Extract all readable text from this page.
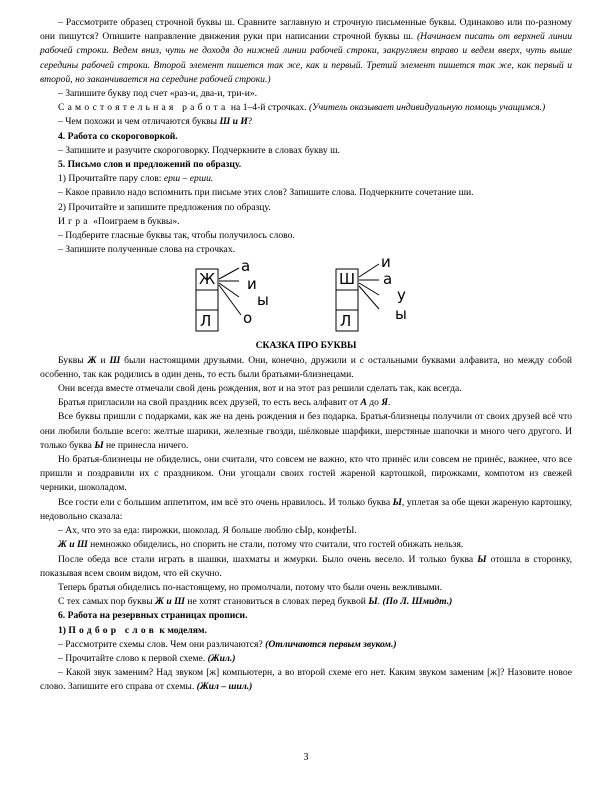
– Рассмотрите образец строчной буквы ш. Сравните заглавную и строчную письменные буквы. Одинаково или по-разному они пишутся? Опишите направление движения руки при написании строчной буквы ш. (Начинаем писать от верхней линии рабочей строки. Ведем вниз, чуть не доходя до нижней линии рабочей строки, закругляем вправо и ведем вверх, чуть выше середины рабочей строки. Второй элемент пишется так же, как и первый. Третий элемент пишется так же, как первый и второй, но заканчивается на середине рабочей строки.)

– Запишите букву под счет «раз-и, два-и, три-и».

Самостоятельная работа на 1–4-й строчках. (Учитель оказывает индивидуальную помощь учащимся.)

– Чем похожи и чем отличаются буквы Ш и И?

4. Работа со скороговоркой.

– Запишите и разучите скороговорку. Подчеркните в словах букву ш.

5. Письмо слов и предложений по образцу.

1) Прочитайте пару слов: ерш – ерши.

– Какое правило надо вспомнить при письме этих слов? Запишите слова. Подчеркните сочетание ши.

2) Прочитайте и запишите предложения по образцу.

Игра «Поиграем в буквы».

– Подберите гласные буквы так, чтобы получилось слово.

– Запишите полученные слова на строчках.

Ж
Л
а
и
ы
о
Ш
Л
и
а
у
ы

СКАЗКА ПРО БУКВЫ

Буквы Ж и Ш были настоящими друзьями. Они, конечно, дружили и с остальными буквами алфавита, но между собой особенно, так как родились в один день, то есть были братьями-близнецами.

Они всегда вместе отмечали свой день рождения, вот и на этот раз решили сделать так, как всегда.

Братья пригласили на свой праздник всех друзей, то есть весь алфавит от А до Я.

Все буквы пришли с подарками, как же на день рождения и без подарка. Братья-близнецы получили от своих друзей всё что они любили больше всего: желтые шарики, железные гвозди, шёлковые шарфики, шерстяные шапочки и много чего другого. И только буква Ы не принесла ничего.

Но братья-близнецы не обиделись, они считали, что совсем не важно, кто что принёс или совсем не принёс, важнее, что все пришли и поздравили их с праздником. Они угощали своих гостей жареной картошкой, пирожками, компотом из свежей черники, шоколадом.

Все гости ели с большим аппетитом, им всё это очень нравилось. И только буква Ы, уплетая за обе щеки жареную картошку, недовольно сказала:

– Ах, что это за еда: пирожки, шоколад. Я больше люблю сЫр, конфетЫ.

Ж и Ш немножко обиделись, но спорить не стали, потому что считали, что гостей обижать нельзя.

После обеда все стали играть в шашки, шахматы и жмурки. Было очень весело. И только буква Ы отошла в сторонку, показывая всем своим видом, что ей скучно.

Теперь братья обиделись по-настоящему, но промолчали, потому что были очень вежливыми.

С тех самых пор буквы Ж и Ш не хотят становиться в словах перед буквой Ы. (По Л. Шмидт.)

6. Работа на резервных страницах прописи.

1) Подбор слов к моделям.

– Рассмотрите схемы слов. Чем они различаются? (Отличаются первым звуком.)

– Прочитайте слово к первой схеме. (Жил.)

– Какой звук заменим? Над звуком [ж] компьютерн, а во второй схеме его нет. Каким звуком заменим [ж]? Назовите новое слово. Запишите его справа от схемы. (Жил – шил.)

3
